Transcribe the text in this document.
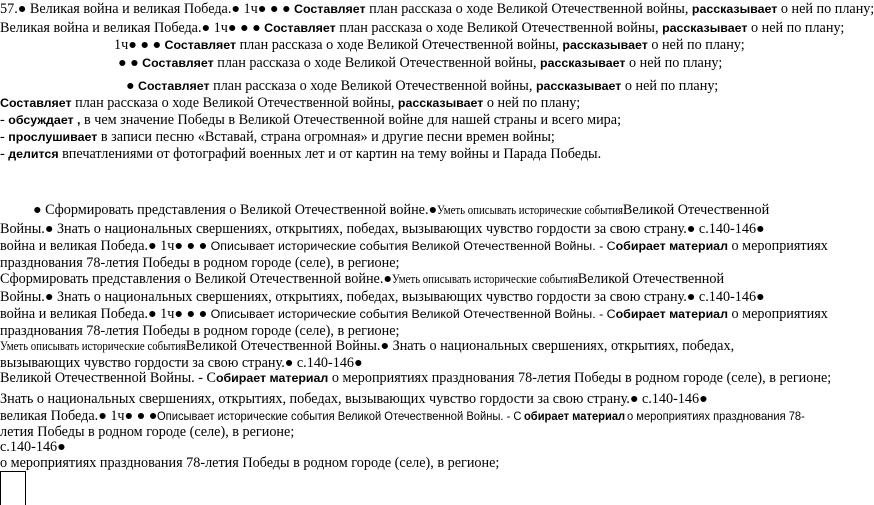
57.● Великая война и великая Победа.● 1ч● ● ● Составляет план рассказа о ходе Великой Отечественной войны, рассказывает о ней по плану;
Великая война и великая Победа.● 1ч● ● ● Составляет план рассказа о ходе Великой Отечественной войны, рассказывает о ней по плану;
1ч● ● ● Составляет план рассказа о ходе Великой Отечественной войны, рассказывает о ней по плану;
● ● Составляет план рассказа о ходе Великой Отечественной войны, рассказывает о ней по плану;
● Составляет план рассказа о ходе Великой Отечественной войны, рассказывает о ней по плану;
Составляет план рассказа о ходе Великой Отечественной войны, рассказывает о ней по плану;
- обсуждает , в чем значение Победы в Великой Отечественной войне для нашей страны и всего мира;
- прослушивает в записи песню «Вставай, страна огромная» и другие песни времен войны;
- делится впечатлениями от фотографий военных лет и от картин на тему войны и Парада Победы.
● Сформировать представления о Великой Отечественной войне.●Уметь описывать исторические события Великой Отечественной
Войны.● Знать о национальных свершениях, открытиях, победах, вызывающих чувство гордости за свою страну.● с.140-146●
война и великая Победа.● 1ч● ● ● Описывает исторические события Великой Отечественной Войны. - Собирает материал о мероприятиях
празднования 78-летия Победы в родном городе (селе), в регионе;
Сформировать представления о Великой Отечественной войне.●Уметь описывать исторические события Великой Отечественной
Войны.● Знать о национальных свершениях, открытиях, победах, вызывающих чувство гордости за свою страну.● с.140-146●
война и великая Победа.● 1ч● ● ● Описывает исторические события Великой Отечественной Войны. - Собирает материал о мероприятиях
празднования 78-летия Победы в родном городе (селе), в регионе;
Уметь описывать исторические события Великой Отечественной Войны.● Знать о национальных свершениях, открытиях, победах,
вызывающих чувство гордости за свою страну.● с.140-146●
Великой Отечественной Войны. - Собирает материал о мероприятиях празднования 78-летия Победы в родном городе (селе), в регионе;
Знать о национальных свершениях, открытиях, победах, вызывающих чувство гордости за свою страну.● с.140-146●
великая Победа.● 1ч● ● ●Описывает исторические события Великой Отечественной Войны. - С обирает материало мероприятиях празднования 78-
летия Победы в родном городе (селе), в регионе;
с.140-146●
о мероприятиях празднования 78-летия Победы в родном городе (селе), в регионе;
